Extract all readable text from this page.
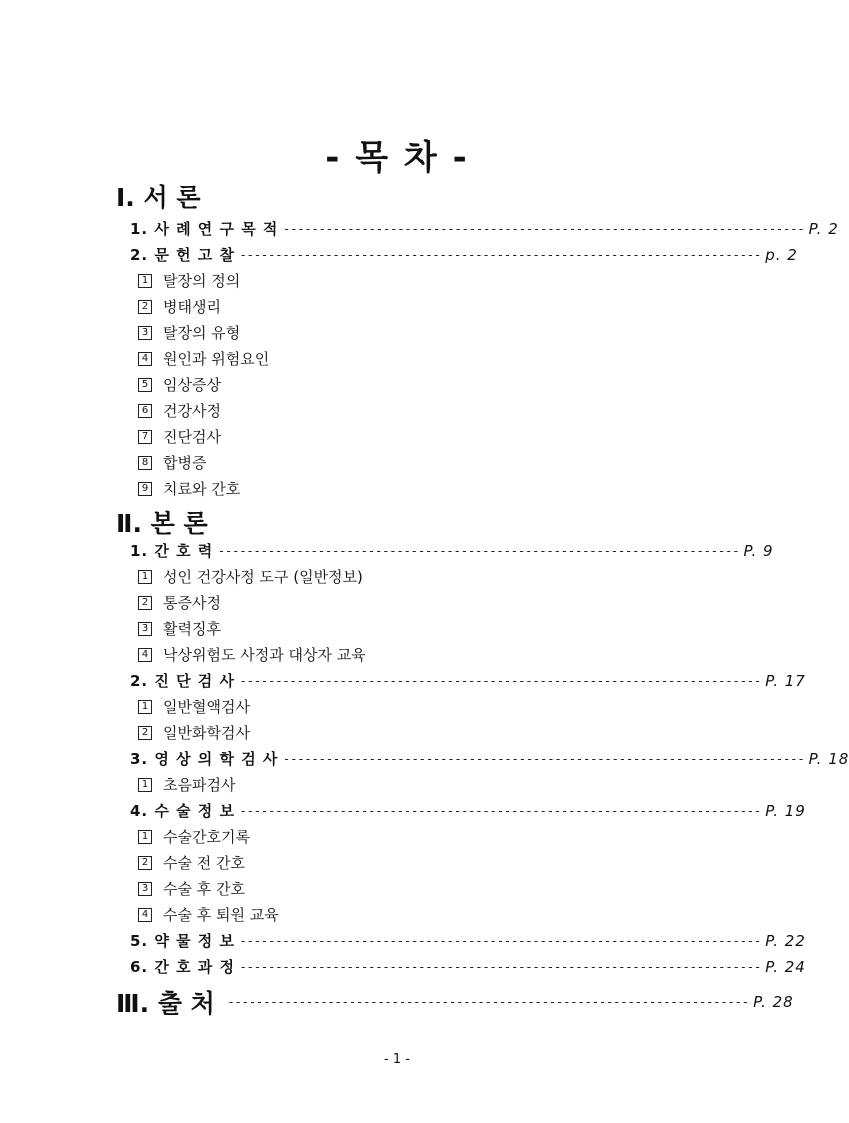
- 목 차 -
Ⅰ. 서 론
1. 사 례 연 구 목 적 - - - - - - - - - - - - - - - - - - - - - - - - - - - - - - - - - - - - - - - - - - - - - - - - - - - - - - - - - - - - - - - - - - - - - - - - - P. 2
2. 문 헌 고 찰 - - - - - - - - - - - - - - - - - - - - - - - - - - - - - - - - - - - - - - - - - - - - - - - - - - - - - - - - - - - - - - - - - - - - - - - - - p. 2
1 탈장의 정의
2 병태생리
3 탈장의 유형
4 원인과 위험요인
5 임상증상
6 건강사정
7 진단검사
8 합병증
9 치료와 간호
Ⅱ. 본 론
1. 간 호 력 - - - - - - - - - - - - - - - - - - - - - - - - - - - - - - - - - - - - - - - - - - - - - - - - - - - - - - - - - - - - - - - - - - - - - - - - - P. 9
1 성인 건강사정 도구 (일반정보)
2 통증사정
3 활력징후
4 낙상위험도 사정과 대상자 교육
2. 진 단 검 사 - - - - - - - - - - - - - - - - - - - - - - - - - - - - - - - - - - - - - - - - - - - - - - - - - - - - - - - - - - - - - - - - - - - - - - - - - P. 17
1 일반혈액검사
2 일반화학검사
3. 영 상 의 학 검 사 - - - - - - - - - - - - - - - - - - - - - - - - - - - - - - - - - - - - - - - - - - - - - - - - - - - - - - - - - - - - - - - - - - - - - - - - - P. 18
1 초음파검사
4. 수 술 정 보 - - - - - - - - - - - - - - - - - - - - - - - - - - - - - - - - - - - - - - - - - - - - - - - - - - - - - - - - - - - - - - - - - - - - - - - - - P. 19
1 수술간호기록
2 수술 전 간호
3 수술 후 간호
4 수술 후 퇴원 교육
5. 약 물 정 보 - - - - - - - - - - - - - - - - - - - - - - - - - - - - - - - - - - - - - - - - - - - - - - - - - - - - - - - - - - - - - - - - - - - - - - - - - P. 22
6. 간 호 과 정 - - - - - - - - - - - - - - - - - - - - - - - - - - - - - - - - - - - - - - - - - - - - - - - - - - - - - - - - - - - - - - - - - - - - - - - - - P. 24
Ⅲ. 출 처 - - - - - - - - - - - - - - - - - - - - - - - - - - - - - - - - - - - - - - - - - - - - - - - - - - - - - - - - - - - - - - - - - - - - - - - - - P. 28
- 1 -
